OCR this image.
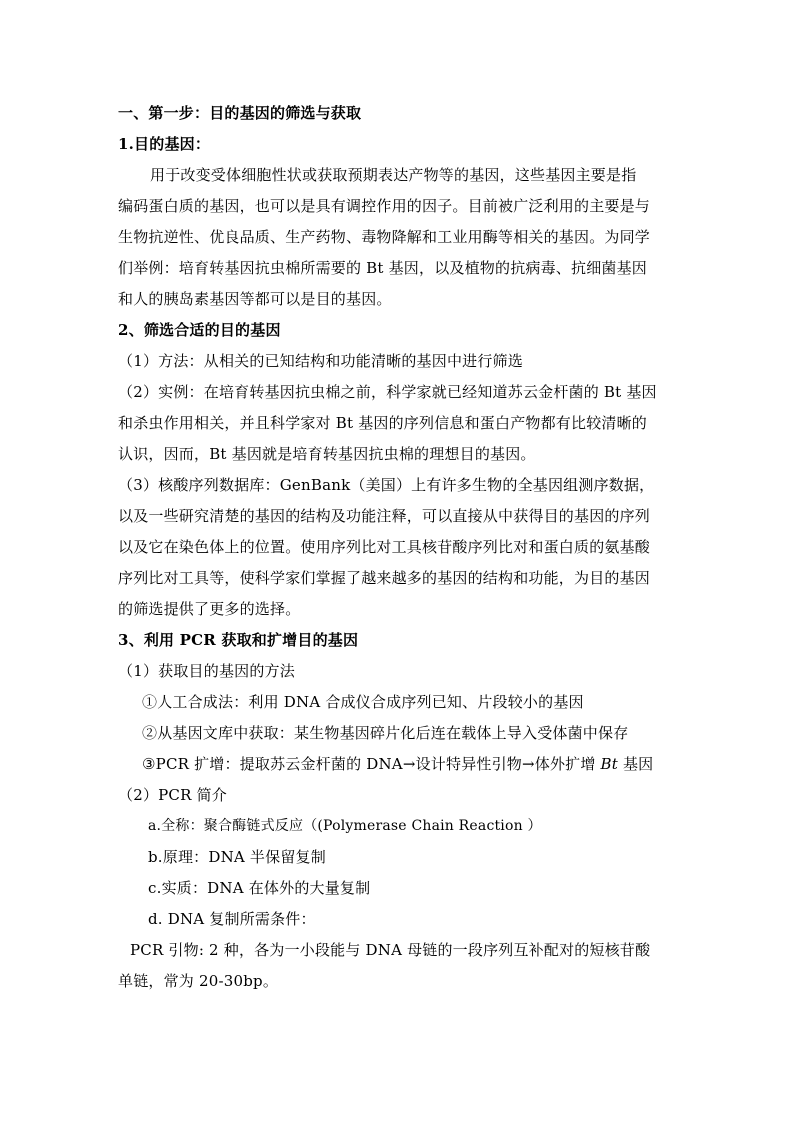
一、第一步：目的基因的筛选与获取
1.目的基因：
用于改变受体细胞性状或获取预期表达产物等的基因，这些基因主要是指
编码蛋白质的基因，也可以是具有调控作用的因子。目前被广泛利用的主要是与
生物抗逆性、优良品质、生产药物、毒物降解和工业用酶等相关的基因。为同学
们举例：培育转基因抗虫棉所需要的 Bt 基因，以及植物的抗病毒、抗细菌基因
和人的胰岛素基因等都可以是目的基因。
2、筛选合适的目的基因
（1）方法：从相关的已知结构和功能清晰的基因中进行筛选
（2）实例：在培育转基因抗虫棉之前，科学家就已经知道苏云金杆菌的 Bt 基因
和杀虫作用相关，并且科学家对 Bt 基因的序列信息和蛋白产物都有比较清晰的
认识，因而，Bt 基因就是培育转基因抗虫棉的理想目的基因。
（3）核酸序列数据库：GenBank（美国）上有许多生物的全基因组测序数据，
以及一些研究清楚的基因的结构及功能注释，可以直接从中获得目的基因的序列
以及它在染色体上的位置。使用序列比对工具核苷酸序列比对和蛋白质的氨基酸
序列比对工具等，使科学家们掌握了越来越多的基因的结构和功能，为目的基因
的筛选提供了更多的选择。
3、利用 PCR 获取和扩增目的基因
（1）获取目的基因的方法
①人工合成法：利用 DNA 合成仪合成序列已知、片段较小的基因
②从基因文库中获取：某生物基因碎片化后连在载体上导入受体菌中保存
③PCR 扩增：提取苏云金杆菌的 DNA→设计特异性引物→体外扩增 Bt 基因
（2）PCR 简介
a.全称：聚合酶链式反应（(Polymerase Chain Reaction ）
b.原理：DNA 半保留复制
c.实质：DNA 在体外的大量复制
d. DNA 复制所需条件：
PCR 引物: 2 种，各为一小段能与 DNA 母链的一段序列互补配对的短核苷酸
单链，常为 20-30bp。
